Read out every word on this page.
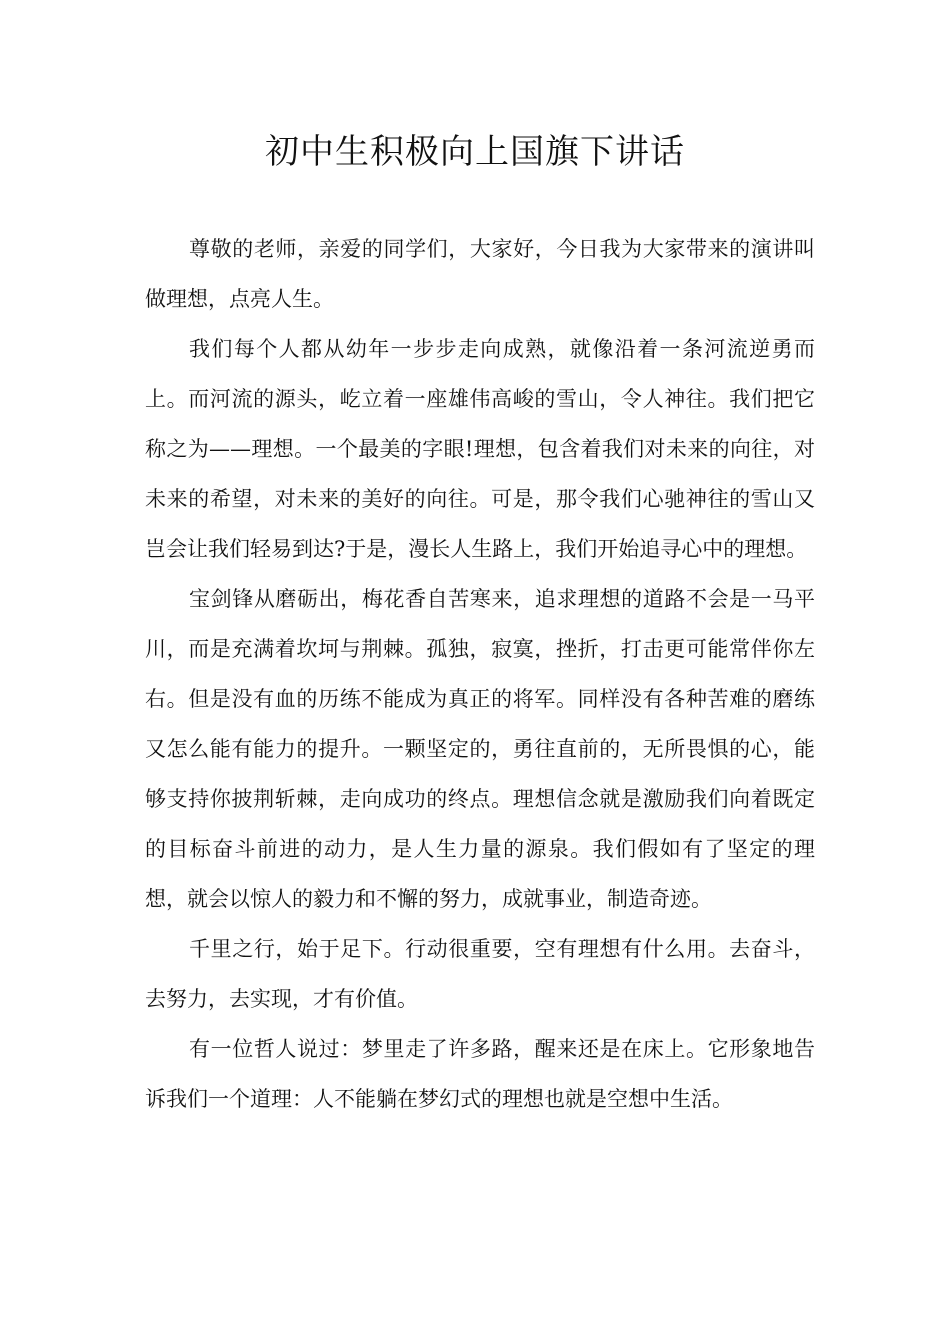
初中生积极向上国旗下讲话

尊敬的老师，亲爱的同学们，大家好，今日我为大家带来的演讲叫做理想，点亮人生。

我们每个人都从幼年一步步走向成熟，就像沿着一条河流逆勇而上。而河流的源头，屹立着一座雄伟高峻的雪山，令人神往。我们把它称之为——理想。一个最美的字眼!理想，包含着我们对未来的向往，对未来的希望，对未来的美好的向往。可是，那令我们心驰神往的雪山又岂会让我们轻易到达?于是，漫长人生路上，我们开始追寻心中的理想。

宝剑锋从磨砺出，梅花香自苦寒来，追求理想的道路不会是一马平川，而是充满着坎坷与荆棘。孤独，寂寞，挫折，打击更可能常伴你左右。但是没有血的历练不能成为真正的将军。同样没有各种苦难的磨练又怎么能有能力的提升。一颗坚定的，勇往直前的，无所畏惧的心，能够支持你披荆斩棘，走向成功的终点。理想信念就是激励我们向着既定的目标奋斗前进的动力，是人生力量的源泉。我们假如有了坚定的理想，就会以惊人的毅力和不懈的努力，成就事业，制造奇迹。

千里之行，始于足下。行动很重要，空有理想有什么用。去奋斗，去努力，去实现，才有价值。

有一位哲人说过：梦里走了许多路，醒来还是在床上。它形象地告诉我们一个道理：人不能躺在梦幻式的理想也就是空想中生活。
